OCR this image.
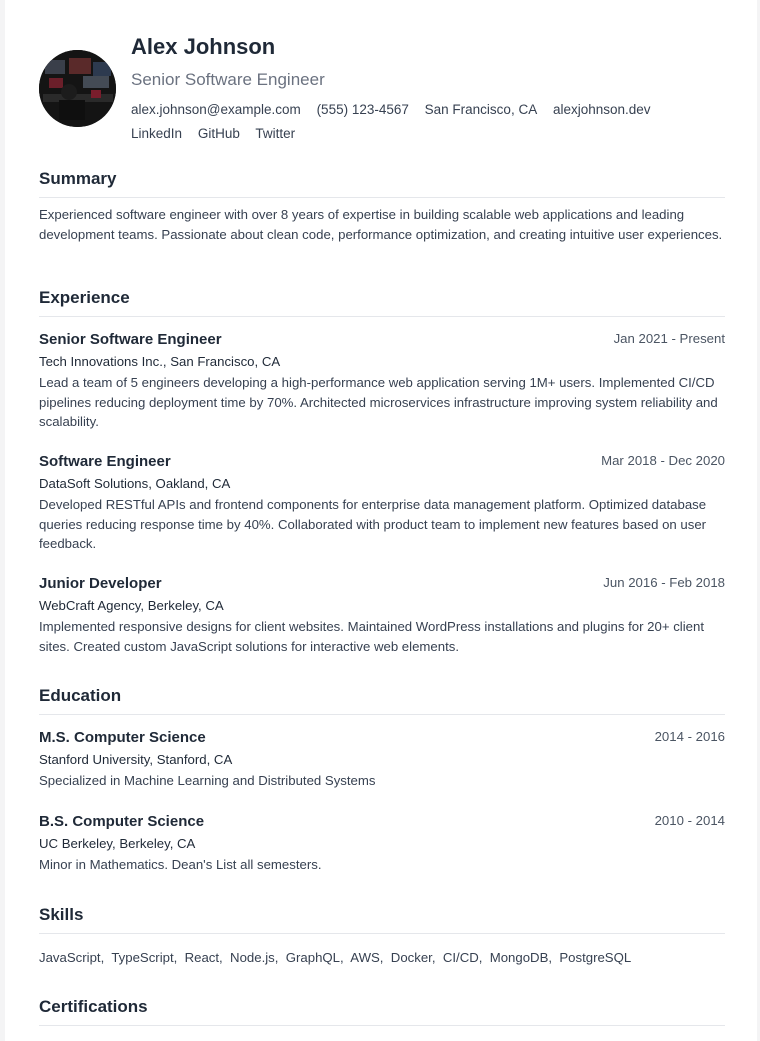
Alex Johnson
Senior Software Engineer
alex.johnson@example.com (555) 123-4567 San Francisco, CA alexjohnson.dev
LinkedIn GitHub Twitter
Summary
Experienced software engineer with over 8 years of expertise in building scalable web applications and leading development teams. Passionate about clean code, performance optimization, and creating intuitive user experiences.
Experience
Senior Software Engineer	Jan 2021 - Present
Tech Innovations Inc., San Francisco, CA
Lead a team of 5 engineers developing a high-performance web application serving 1M+ users. Implemented CI/CD pipelines reducing deployment time by 70%. Architected microservices infrastructure improving system reliability and scalability.
Software Engineer	Mar 2018 - Dec 2020
DataSoft Solutions, Oakland, CA
Developed RESTful APIs and frontend components for enterprise data management platform. Optimized database queries reducing response time by 40%. Collaborated with product team to implement new features based on user feedback.
Junior Developer	Jun 2016 - Feb 2018
WebCraft Agency, Berkeley, CA
Implemented responsive designs for client websites. Maintained WordPress installations and plugins for 20+ client sites. Created custom JavaScript solutions for interactive web elements.
Education
M.S. Computer Science	2014 - 2016
Stanford University, Stanford, CA
Specialized in Machine Learning and Distributed Systems
B.S. Computer Science	2010 - 2014
UC Berkeley, Berkeley, CA
Minor in Mathematics. Dean's List all semesters.
Skills
JavaScript,  TypeScript,  React,  Node.js,  GraphQL,  AWS,  Docker,  CI/CD,  MongoDB,  PostgreSQL
Certifications
